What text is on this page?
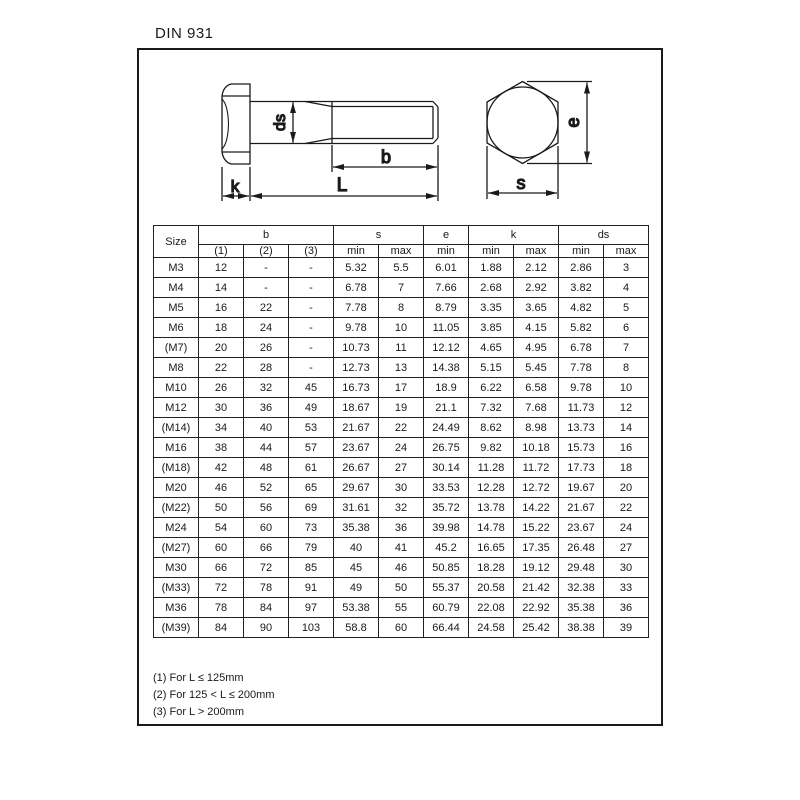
DIN 931
ds
b
k	L
e
s
Size	b			s		e	k		ds	
	(1)	(2)	(3)	min	max	min	min	max	min	max
M3	12	-	-	5.32	5.5	6.01	1.88	2.12	2.86	3
M4	14	-	-	6.78	7	7.66	2.68	2.92	3.82	4
M5	16	22	-	7.78	8	8.79	3.35	3.65	4.82	5
M6	18	24	-	9.78	10	11.05	3.85	4.15	5.82	6
(M7)	20	26	-	10.73	11	12.12	4.65	4.95	6.78	7
M8	22	28	-	12.73	13	14.38	5.15	5.45	7.78	8
M10	26	32	45	16.73	17	18.9	6.22	6.58	9.78	10
M12	30	36	49	18.67	19	21.1	7.32	7.68	11.73	12
(M14)	34	40	53	21.67	22	24.49	8.62	8.98	13.73	14
M16	38	44	57	23.67	24	26.75	9.82	10.18	15.73	16
(M18)	42	48	61	26.67	27	30.14	11.28	11.72	17.73	18
M20	46	52	65	29.67	30	33.53	12.28	12.72	19.67	20
(M22)	50	56	69	31.61	32	35.72	13.78	14.22	21.67	22
M24	54	60	73	35.38	36	39.98	14.78	15.22	23.67	24
(M27)	60	66	79	40	41	45.2	16.65	17.35	26.48	27
M30	66	72	85	45	46	50.85	18.28	19.12	29.48	30
(M33)	72	78	91	49	50	55.37	20.58	21.42	32.38	33
M36	78	84	97	53.38	55	60.79	22.08	22.92	35.38	36
(M39)	84	90	103	58.8	60	66.44	24.58	25.42	38.38	39
(1) For L ≤ 125mm
(2) For 125 < L ≤ 200mm
(3) For L > 200mm
